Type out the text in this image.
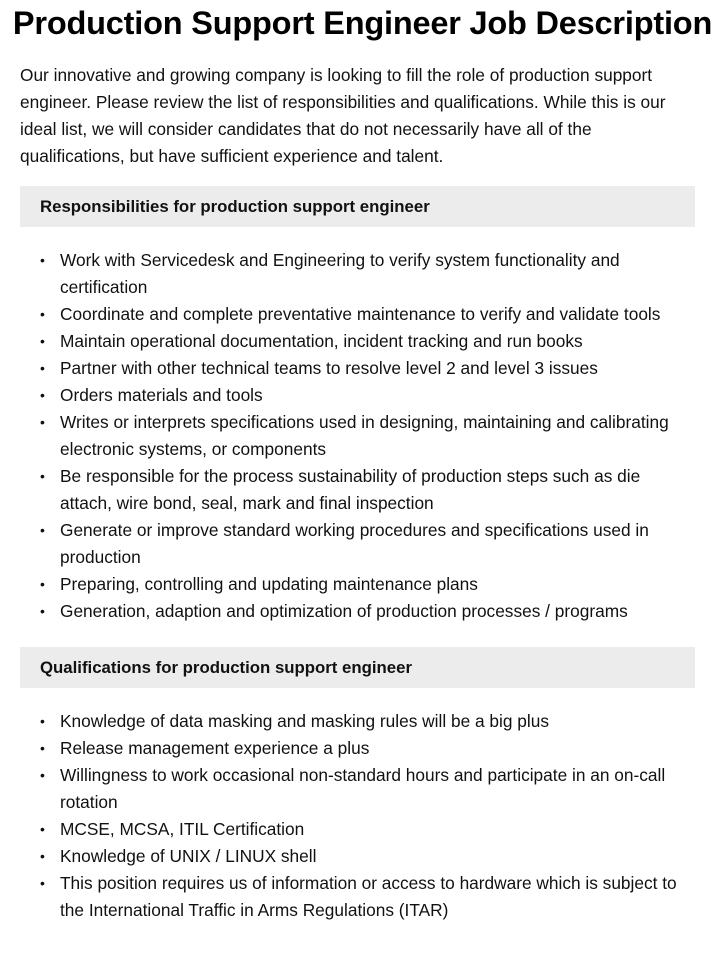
Production Support Engineer Job Description

Our innovative and growing company is looking to fill the role of production support engineer. Please review the list of responsibilities and qualifications. While this is our ideal list, we will consider candidates that do not necessarily have all of the qualifications, but have sufficient experience and talent.

Responsibilities for production support engineer
• Work with Servicedesk and Engineering to verify system functionality and certification
• Coordinate and complete preventative maintenance to verify and validate tools
• Maintain operational documentation, incident tracking and run books
• Partner with other technical teams to resolve level 2 and level 3 issues
• Orders materials and tools
• Writes or interprets specifications used in designing, maintaining and calibrating electronic systems, or components
• Be responsible for the process sustainability of production steps such as die attach, wire bond, seal, mark and final inspection
• Generate or improve standard working procedures and specifications used in production
• Preparing, controlling and updating maintenance plans
• Generation, adaption and optimization of production processes / programs
Qualifications for production support engineer
• Knowledge of data masking and masking rules will be a big plus
• Release management experience a plus
• Willingness to work occasional non-standard hours and participate in an on-call rotation
• MCSE, MCSA, ITIL Certification
• Knowledge of UNIX / LINUX shell
• This position requires us of information or access to hardware which is subject to the International Traffic in Arms Regulations (ITAR)
